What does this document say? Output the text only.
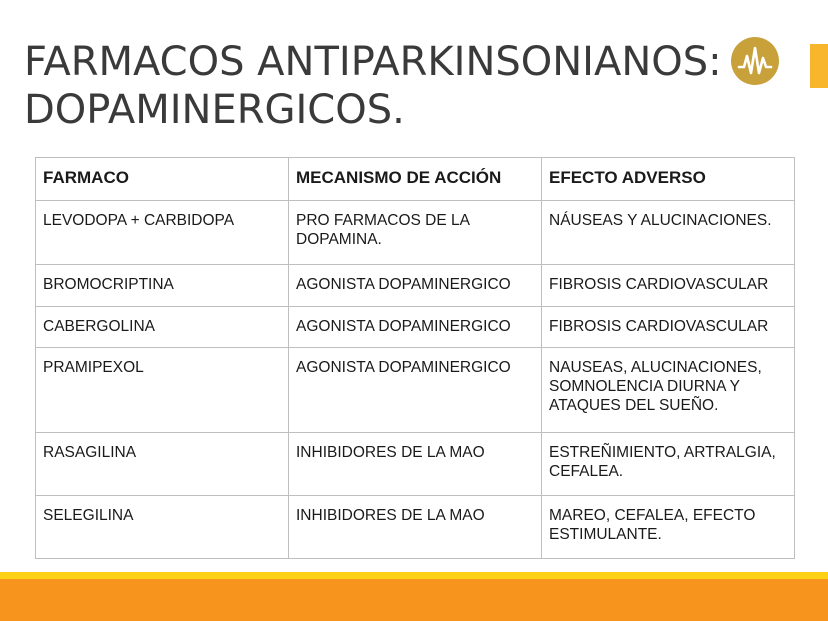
FARMACOS ANTIPARKINSONIANOS:
DOPAMINERGICOS.
FARMACO	MECANISMO DE ACCIÓN	EFECTO ADVERSO
LEVODOPA + CARBIDOPA	PRO FARMACOS DE LA DOPAMINA.	NÁUSEAS Y ALUCINACIONES.
BROMOCRIPTINA	AGONISTA DOPAMINERGICO	FIBROSIS CARDIOVASCULAR
CABERGOLINA	AGONISTA DOPAMINERGICO	FIBROSIS CARDIOVASCULAR
PRAMIPEXOL	AGONISTA DOPAMINERGICO	NAUSEAS, ALUCINACIONES, SOMNOLENCIA DIURNA Y ATAQUES DEL SUEÑO.
RASAGILINA	INHIBIDORES DE LA MAO	ESTREÑIMIENTO, ARTRALGIA, CEFALEA.
SELEGILINA	INHIBIDORES DE LA MAO	MAREO, CEFALEA, EFECTO ESTIMULANTE.
